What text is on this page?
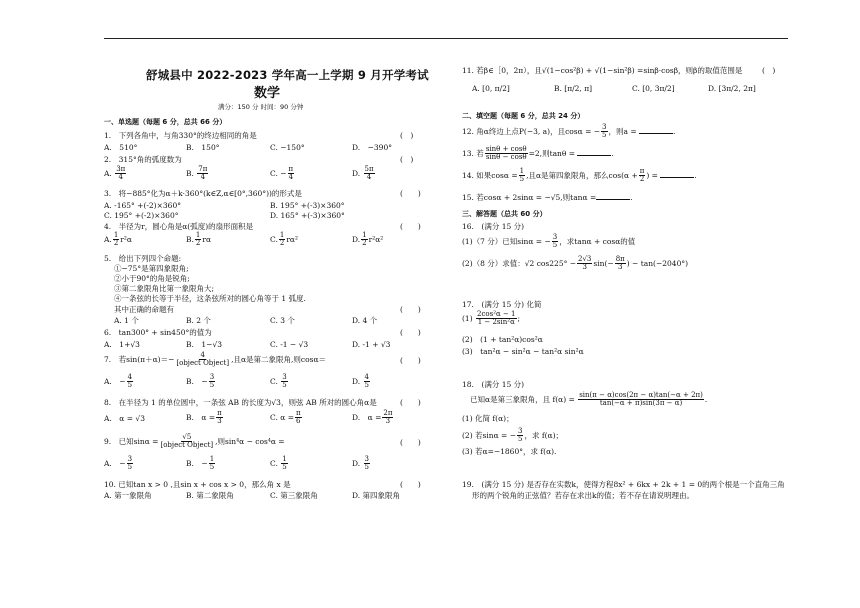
舒城县中 2022-2023 学年高一上学期 9 月开学考试
数学
满分：150 分 时间：90 分钟
一、单选题（每题 6 分，总共 66 分）
1.　下列各角中，与角330°的终边相同的角是	(　)
A.　510°	B.　150°	C. −150°	D.　−390°
2.　315°角的弧度数为	(　)
A. $\frac{3\pi}{4}$	B. $\frac{7\pi}{4}$	C. − $\frac{\pi}{4}$	D. $\frac{5\pi}{4}$
3.　将−885°化为α＋k·360°(k∈Z,α∈[0°,360°))的形式是	(　　)
A. -165° +(-2)×360°	B. 195° +(-3)×360°
C. 195° +(-2)×360°	D. 165° +(-3)×360°
4.　半径为r，圆心角是α(弧度)的扇形面积是	(　　)
A. $\frac{1}{2} r^2\alpha$	B. $\frac{1}{2}$ rα	C. $\frac{1}{2} r\alpha^2$	D. $\frac{1}{2} r^2\alpha^2$
5.　给出下列四个命题:
①−75°是第四象限角;
②小于90°的角是锐角;
③第二象限角比第一象限角大;
④一条弦的长等于半径，这条弦所对的圆心角等于 1 弧度.
其中正确的命题有	(　　)
A. 1 个	B. 2 个	C. 3 个	D. 4 个
6.　tan300° + sin450°的值为	(　　)
A.　1+√3	B.　1−√3	C. -1 − √3	D. -1 + √3
7.　若$\sin(\pi+\alpha)=- \frac{4}{\text{[object Object]}}$ ,且α是第二象限角,则cosα＝	(　　)
A.　− $\frac{4}{5}$	B.　− $\frac{3}{5}$	C. $\frac{3}{5}$	D. $\frac{4}{5}$
8.　在半径为 1 的单位圆中，一条弦 AB 的长度为√3，则弦 AB 所对的圆心角α是	(　　)
A.　α = √3	B.　$\alpha = \frac{\pi}{3}$	C. $\alpha = \frac{\pi}{6}$	D.　$\alpha = \frac{2\pi}{3}$
9.　已知$\sin\alpha = \frac{√5}{\text{[object Object]}}$ ,则sin⁴α − cos⁴α =	(　　)
A.　− $\frac{3}{5}$	B.　− $\frac{1}{5}$	C. $\frac{1}{5}$	D. $\frac{3}{5}$
10. 已知tan x > 0 ,且sin x + cos x > 0，那么角 x 是	(　　)
A. 第一象限角	B. 第二象限角	C. 第三象限角	D. 第四象限角
11. 若β∈［0，2π），且√(1−cos²β) + √(1−sin²β) =sinβ·cosβ，则β的取值范围是	(　)
A. [0, π/2]	B. [π/2, π]	C. [0, 3π/2]	D. [3π/2, 2π]
二、填空题（每题 6 分，总共 24 分）
12. 角α终边上点P(−3, a)，且cosα = − $\frac{3}{5}$ ，则a =	.
13. 若 $\frac{\sin\theta + \cos\theta}{\sin\theta - \cos\theta} =2$,则tanθ =	.
14. 如果$\cos\alpha = \frac{1}{5}$ ,且α是第四象限角，那么$\cos(\alpha + \frac{\pi}{2}$ ) =	.
15. 若cosα + 2sinα = −√5,则tanα =	.
三、解答题（总共 60 分）
16.　(满分 15 分)
(1)（7 分）已知sinα = − $\frac{3}{5}$ ，求tanα + cosα的值
(2)（8 分）求值：√2 $\cos 225^\circ - \frac{2√3}{3} \sin(- \frac{8\pi}{3}$ ) − tan(−2040°)
17.　(满分 15 分) 化简
$(1) \frac{\text{2cos²α − 1}}{\text{1 − 2sin²α}}$ ;
(2)　(1 + tan²α)cos²α
(3)　tan²α − sin²α − tan²α sin²α
18.　(满分 15 分)
已知α是第三象限角，且 $f(\alpha) = \frac{\sin(\pi - \alpha)\cos(2\pi - \alpha)\tan(-\alpha + 2\pi)}{\tan(-\alpha + \pi)\sin(3\pi - \alpha)}$ .
(1) 化简 f(α)；
(2) 若sinα = − $\frac{3}{5}$ ，求 f(α)；
(3) 若α=−1860°，求 f(α).
19.　(满分 15 分) 是否存在实数k，使得方程8x² + 6kx + 2k + 1 = 0的两个根是一个直角三角
形的两个锐角的正弦值？若存在求出k的值；若不存在请说明理由。
